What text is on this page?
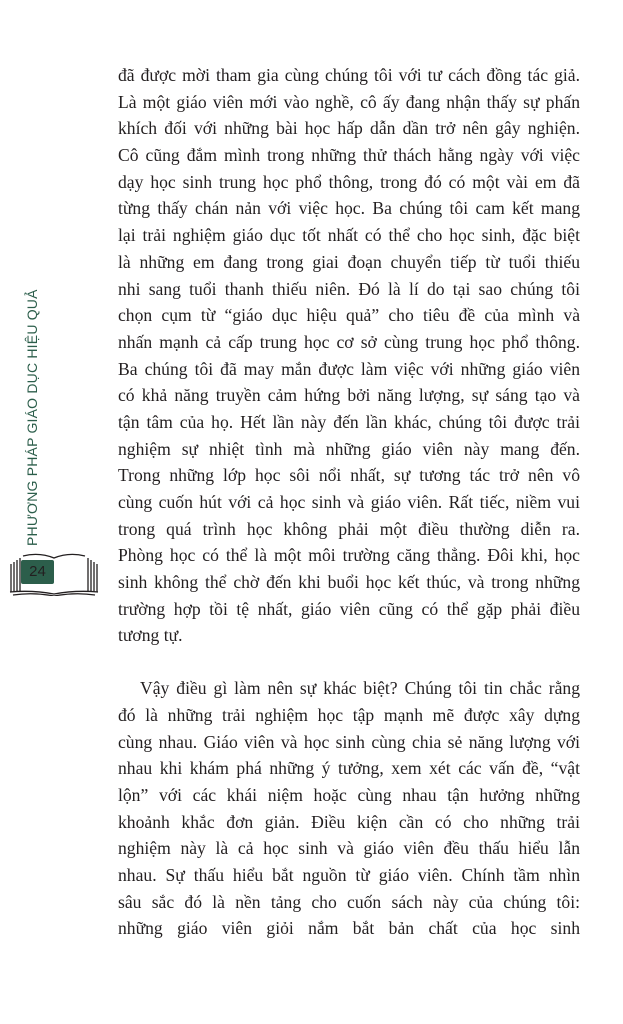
PHƯƠNG PHÁP GIÁO DỤC HIỆU QUẢ
24

đã được mời tham gia cùng chúng tôi với tư cách đồng tác giả.

Là một giáo viên mới vào nghề, cô ấy đang nhận thấy sự phấn

khích đối với những bài học hấp dẫn dần trở nên gây nghiện.

Cô cũng đắm mình trong những thử thách hằng ngày với việc

dạy học sinh trung học phổ thông, trong đó có một vài em đã

từng thấy chán nản với việc học. Ba chúng tôi cam kết mang

lại trải nghiệm giáo dục tốt nhất có thể cho học sinh, đặc biệt

là những em đang trong giai đoạn chuyển tiếp từ tuổi thiếu

nhi sang tuổi thanh thiếu niên. Đó là lí do tại sao chúng tôi

chọn cụm từ “giáo dục hiệu quả” cho tiêu đề của mình và

nhấn mạnh cả cấp trung học cơ sở cùng trung học phổ thông.

Ba chúng tôi đã may mắn được làm việc với những giáo viên

có khả năng truyền cảm hứng bởi năng lượng, sự sáng tạo và

tận tâm của họ. Hết lần này đến lần khác, chúng tôi được trải

nghiệm sự nhiệt tình mà những giáo viên này mang đến.

Trong những lớp học sôi nổi nhất, sự tương tác trở nên vô

cùng cuốn hút với cả học sinh và giáo viên. Rất tiếc, niềm vui

trong quá trình học không phải một điều thường diễn ra.

Phòng học có thể là một môi trường căng thẳng. Đôi khi, học

sinh không thể chờ đến khi buổi học kết thúc, và trong những

trường hợp tồi tệ nhất, giáo viên cũng có thể gặp phải điều

tương tự.

Vậy điều gì làm nên sự khác biệt? Chúng tôi tin chắc rằng

đó là những trải nghiệm học tập mạnh mẽ được xây dựng

cùng nhau. Giáo viên và học sinh cùng chia sẻ năng lượng với

nhau khi khám phá những ý tưởng, xem xét các vấn đề, “vật

lộn” với các khái niệm hoặc cùng nhau tận hưởng những

khoảnh khắc đơn giản. Điều kiện cần có cho những trải

nghiệm này là cả học sinh và giáo viên đều thấu hiểu lẫn

nhau. Sự thấu hiểu bắt nguồn từ giáo viên. Chính tầm nhìn

sâu sắc đó là nền tảng cho cuốn sách này của chúng tôi:

những giáo viên giỏi nắm bắt bản chất của học sinh
